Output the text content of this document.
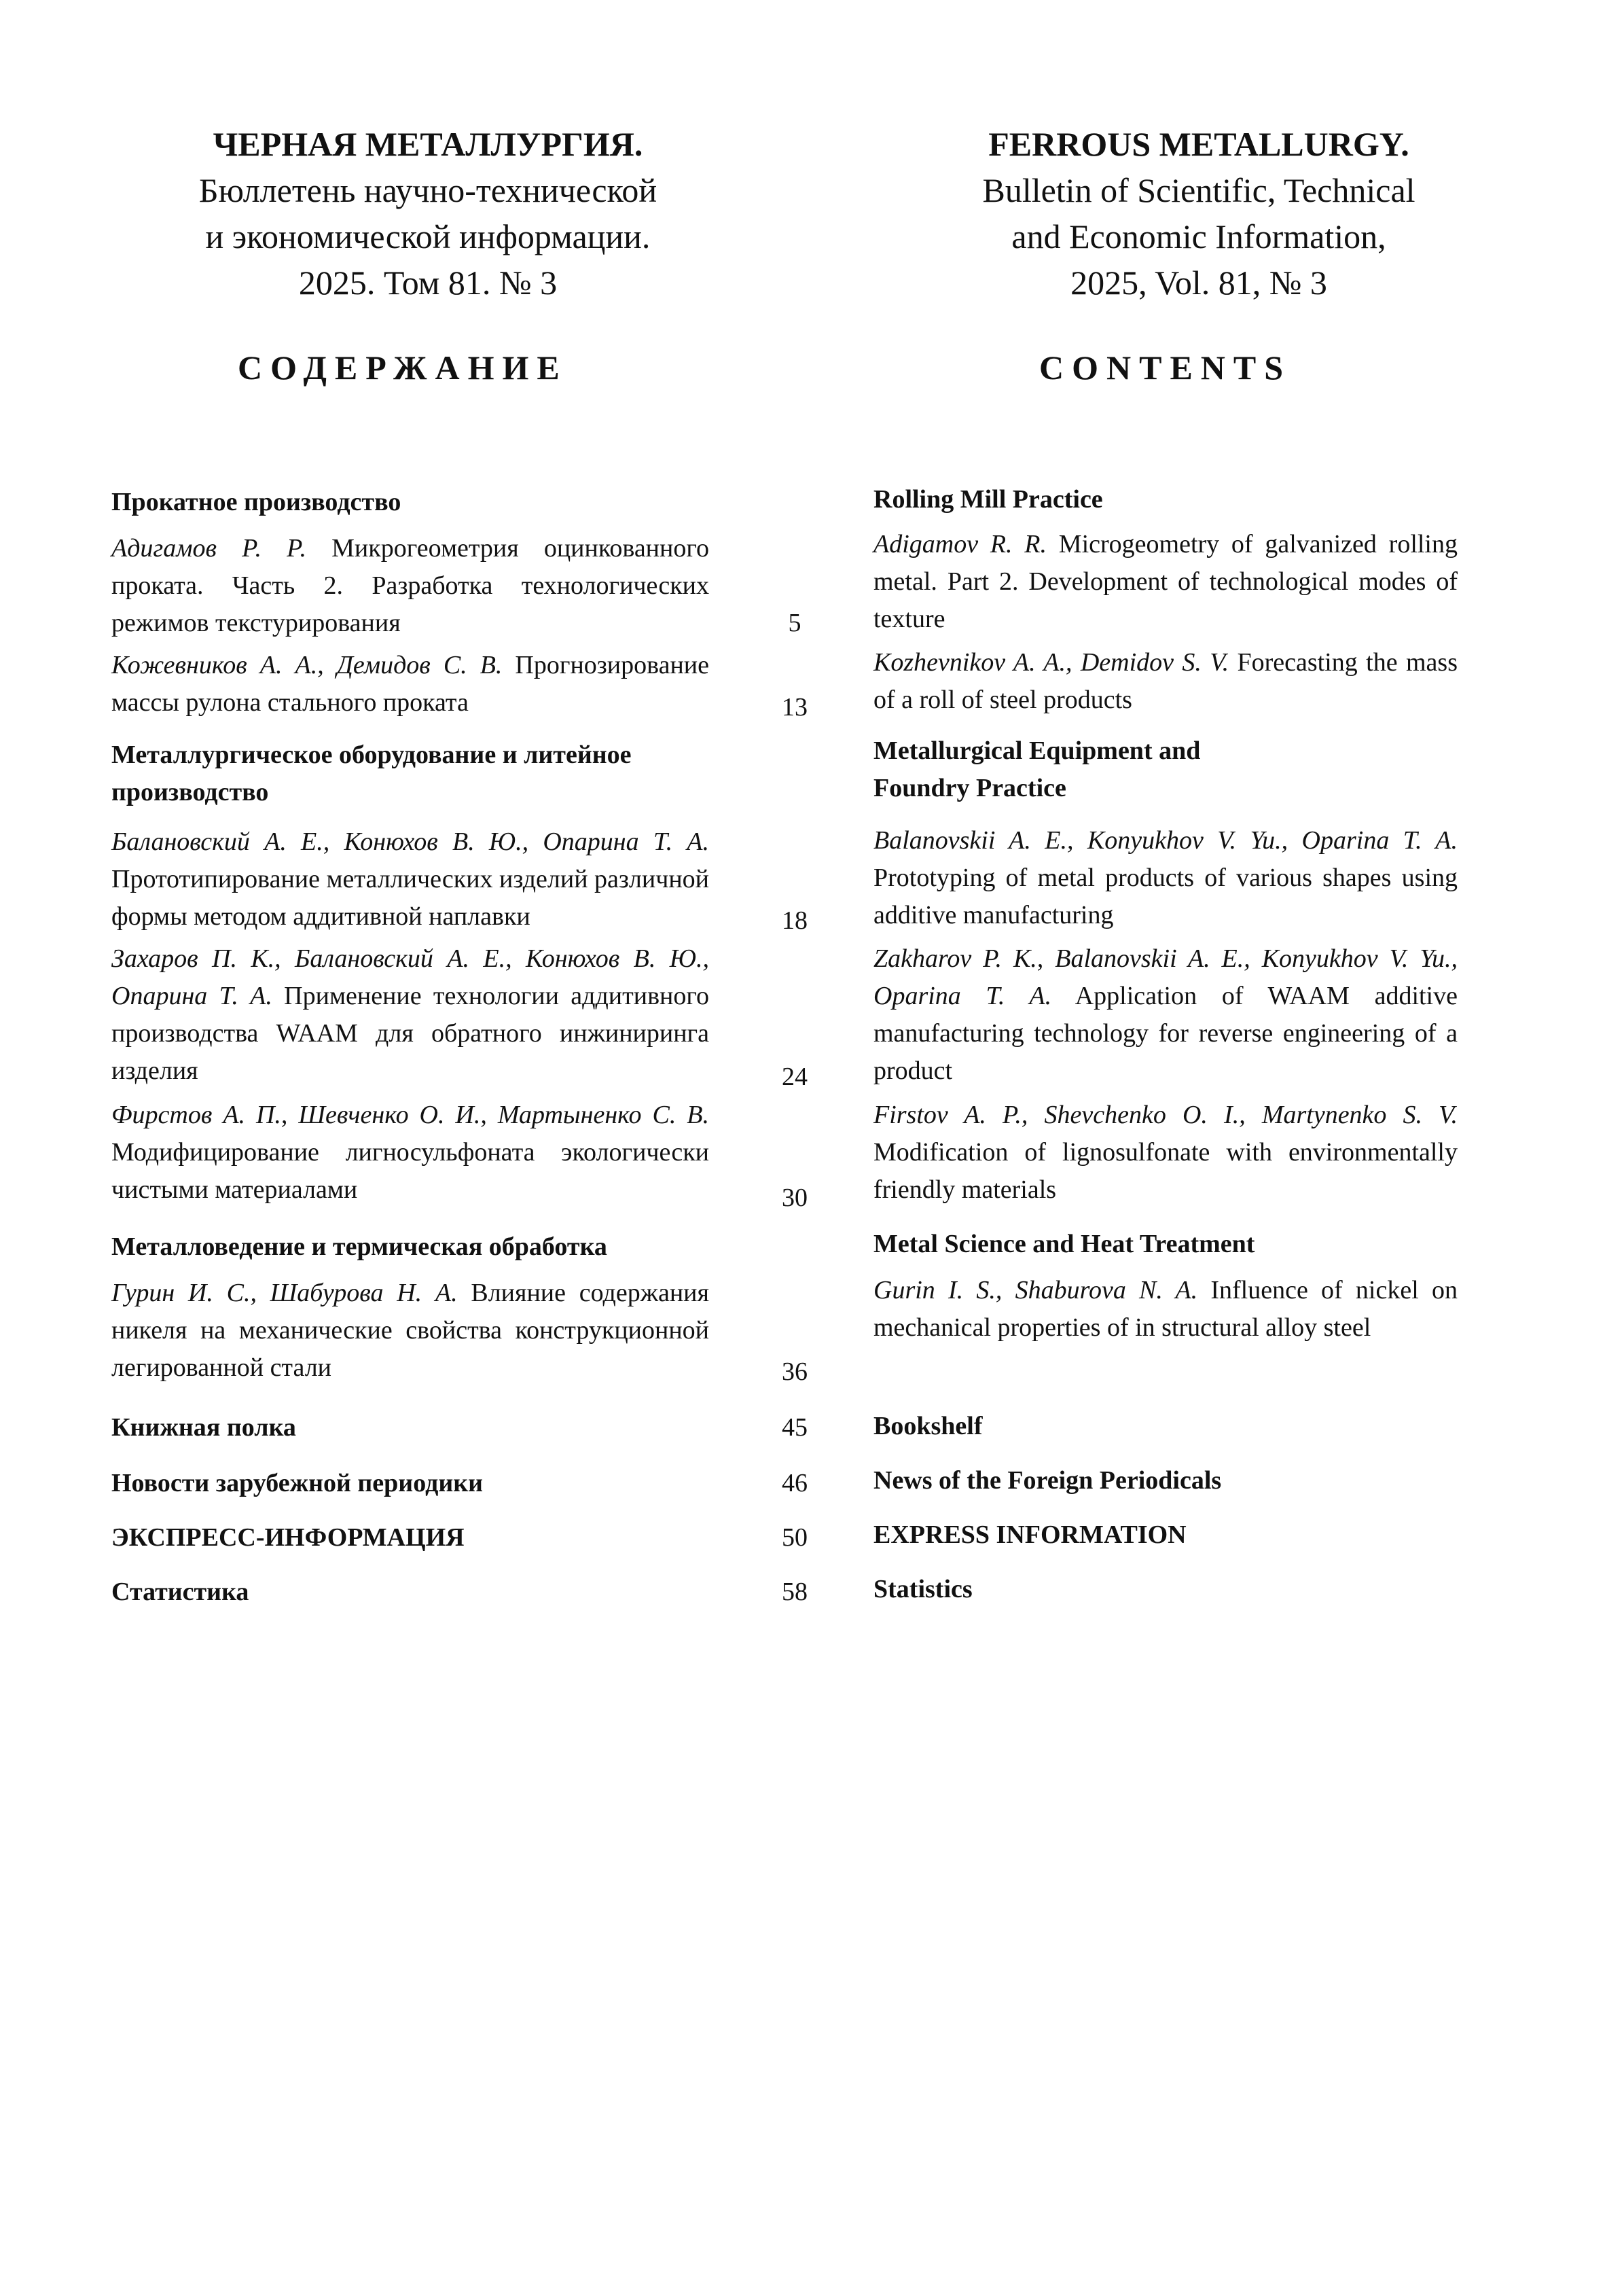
ЧЕРНАЯ МЕТАЛЛУРГИЯ.
Бюллетень научно-технической
и экономической информации.
2025. Том 81. № 3
FERROUS METALLURGY.
Bulletin of Scientific, Technical
and Economic Information,
2025, Vol. 81, № 3
СОДЕРЖАНИЕ	CONTENTS
Прокатное производство
Адигамов Р. Р. Микрогеометрия оцинкованного проката. Часть 2. Разработка технологических режимов текстурирования
Кожевников А. А., Демидов С. В. Прогнозирование массы рулона стального проката
Металлургическое оборудование и литейное производство
Балановский А. Е., Конюхов В. Ю., Опарина Т. А. Прототипирование металлических изделий различной формы методом аддитивной наплавки
Захаров П. К., Балановский А. Е., Конюхов В. Ю., Опарина Т. А. Применение технологии аддитивного производства WAAM для обратного инжиниринга изделия
Фирстов А. П., Шевченко О. И., Мартыненко С. В. Модифицирование лигносульфоната экологически чистыми материалами
Металловедение и термическая обработка
Гурин И. С., Шабурова Н. А. Влияние содержания никеля на механические свойства конструкционной легированной стали
Книжная полка
Новости зарубежной периодики
ЭКСПРЕСС-ИНФОРМАЦИЯ
Статистика
5
13
18
24
30
36
45
46
50
58
Rolling Mill Practice
Adigamov R. R. Microgeometry of galvanized rolling metal. Part 2. Development of technological modes of texture
Kozhevnikov A. A., Demidov S. V. Forecasting the mass of a roll of steel products
Metallurgical Equipment and Foundry Practice
Balanovskii A. E., Konyukhov V. Yu., Oparina T. A. Prototyping of metal products of various shapes using additive manufacturing
Zakharov P. K., Balanovskii A. E., Konyukhov V. Yu., Oparina T. A. Application of WAAM additive manufacturing technology for reverse engineering of a product
Firstov A. P., Shevchenko O. I., Martynenko S. V. Modification of lignosulfonate with environmentally friendly materials
Metal Science and Heat Treatment
Gurin I. S., Shaburova N. A. Influence of nickel on mechanical properties of in structural alloy steel
Bookshelf
News of the Foreign Periodicals
EXPRESS INFORMATION
Statistics
